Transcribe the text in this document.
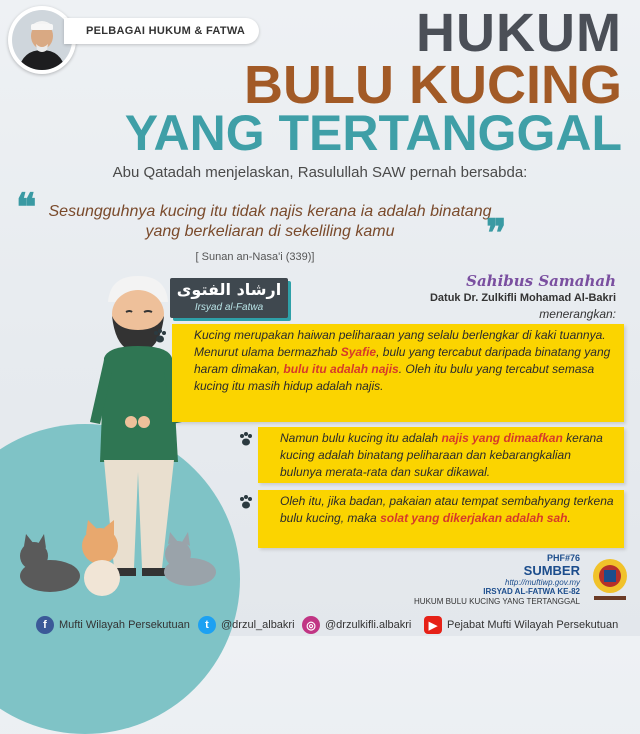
PELBAGAI HUKUM & FATWA	HUKUM
BULU KUCING
YANG TERTANGGAL
Abu Qatadah menjelaskan, Rasulullah SAW pernah bersabda:
❝ Sesungguhnya kucing itu tidak najis kerana ia adalah binatang
yang berkeliaran di sekeliling kamu	❞
[ Sunan an-Nasa'i (339)]
Sahibus Samahah
Datuk Dr. Zulkifli Mohamad Al-Bakri
menerangkan:
ارشاد الفتوى
Irsyad al-Fatwa
Kucing merupakan haiwan peliharaan yang selalu berlengkar di kaki tuannya. Menurut ulama bermazhab Syafie, bulu yang tercabut daripada binatang yang haram dimakan, bulu itu adalah najis. Oleh itu bulu yang tercabut semasa kucing itu masih hidup adalah najis.
Namun bulu kucing itu adalah najis yang dimaafkan kerana kucing adalah binatang peliharaan dan kebarangkalian bulunya merata-rata dan sukar dikawal.
Oleh itu, jika badan, pakaian atau tempat sembahyang terkena bulu kucing, maka solat yang dikerjakan adalah sah.
PHF#76
SUMBER
http://muftiwp.gov.my
IRSYAD AL-FATWA KE-82
HUKUM BULU KUCING YANG TERTANGGAL
f	Mufti Wilayah Persekutuan	t	@drzul_albakri	◎ @drzulkifli.albakri	▶ Pejabat Mufti Wilayah Persekutuan
